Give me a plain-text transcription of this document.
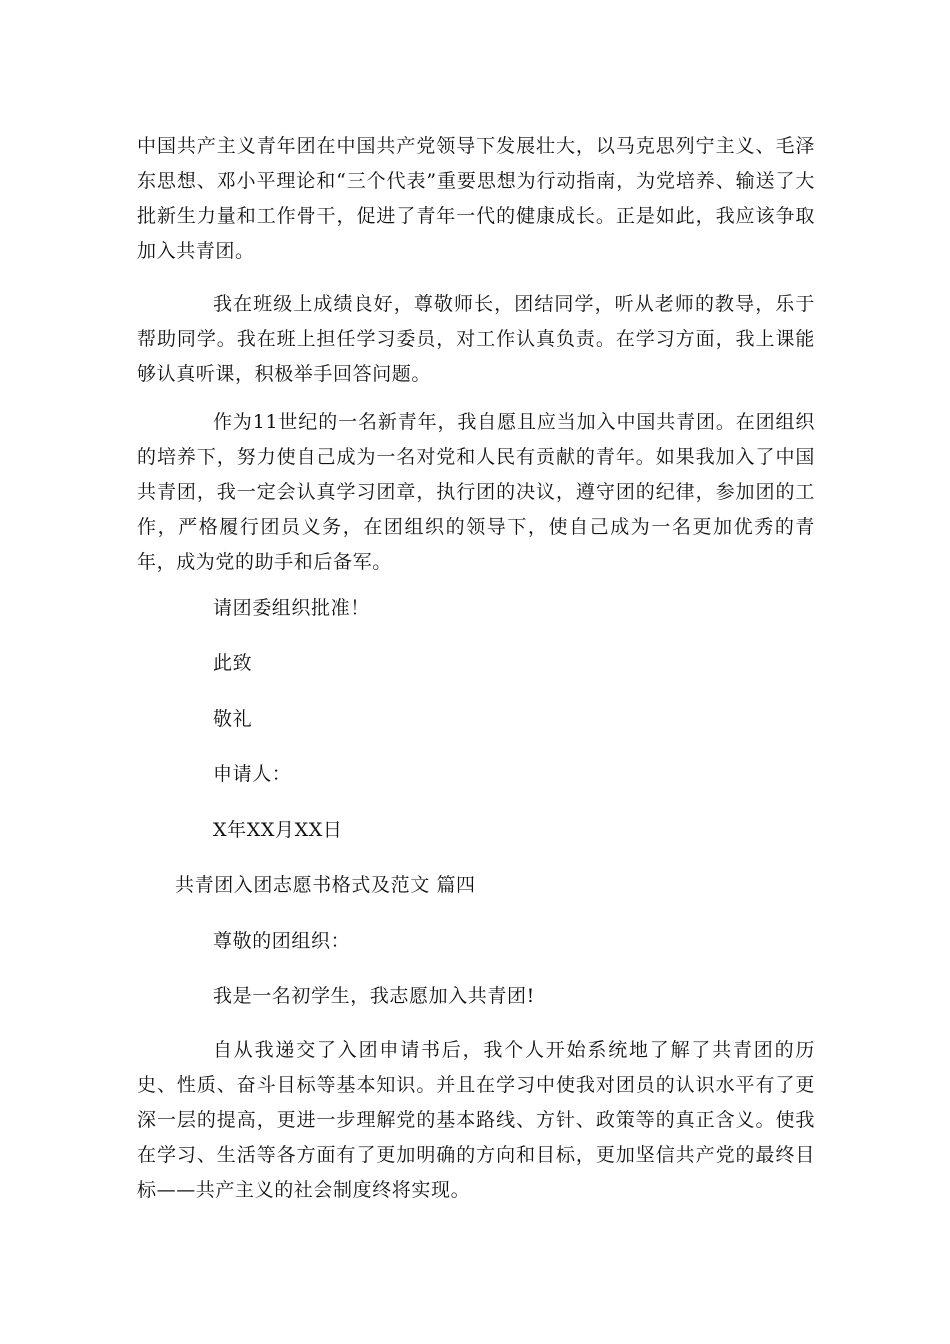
中国共产主义青年团在中国共产党领导下发展壮大，以马克思列宁主义、毛泽东思想、邓小平理论和“三个代表”重要思想为行动指南，为党培养、输送了大批新生力量和工作骨干，促进了青年一代的健康成长。正是如此，我应该争取加入共青团。

我在班级上成绩良好，尊敬师长，团结同学，听从老师的教导，乐于帮助同学。我在班上担任学习委员，对工作认真负责。在学习方面，我上课能够认真听课，积极举手回答问题。

作为11世纪的一名新青年，我自愿且应当加入中国共青团。在团组织的培养下，努力使自己成为一名对党和人民有贡献的青年。如果我加入了中国共青团，我一定会认真学习团章，执行团的决议，遵守团的纪律，参加团的工作，严格履行团员义务，在团组织的领导下，使自己成为一名更加优秀的青年，成为党的助手和后备军。

请团委组织批准！

此致

敬礼

申请人：

X年XX月XX日

共青团入团志愿书格式及范文 篇四

尊敬的团组织：

我是一名初学生，我志愿加入共青团!

自从我递交了入团申请书后，我个人开始系统地了解了共青团的历史、性质、奋斗目标等基本知识。并且在学习中使我对团员的认识水平有了更深一层的提高，更进一步理解党的基本路线、方针、政策等的真正含义。使我在学习、生活等各方面有了更加明确的方向和目标，更加坚信共产党的最终目标——共产主义的社会制度终将实现。
